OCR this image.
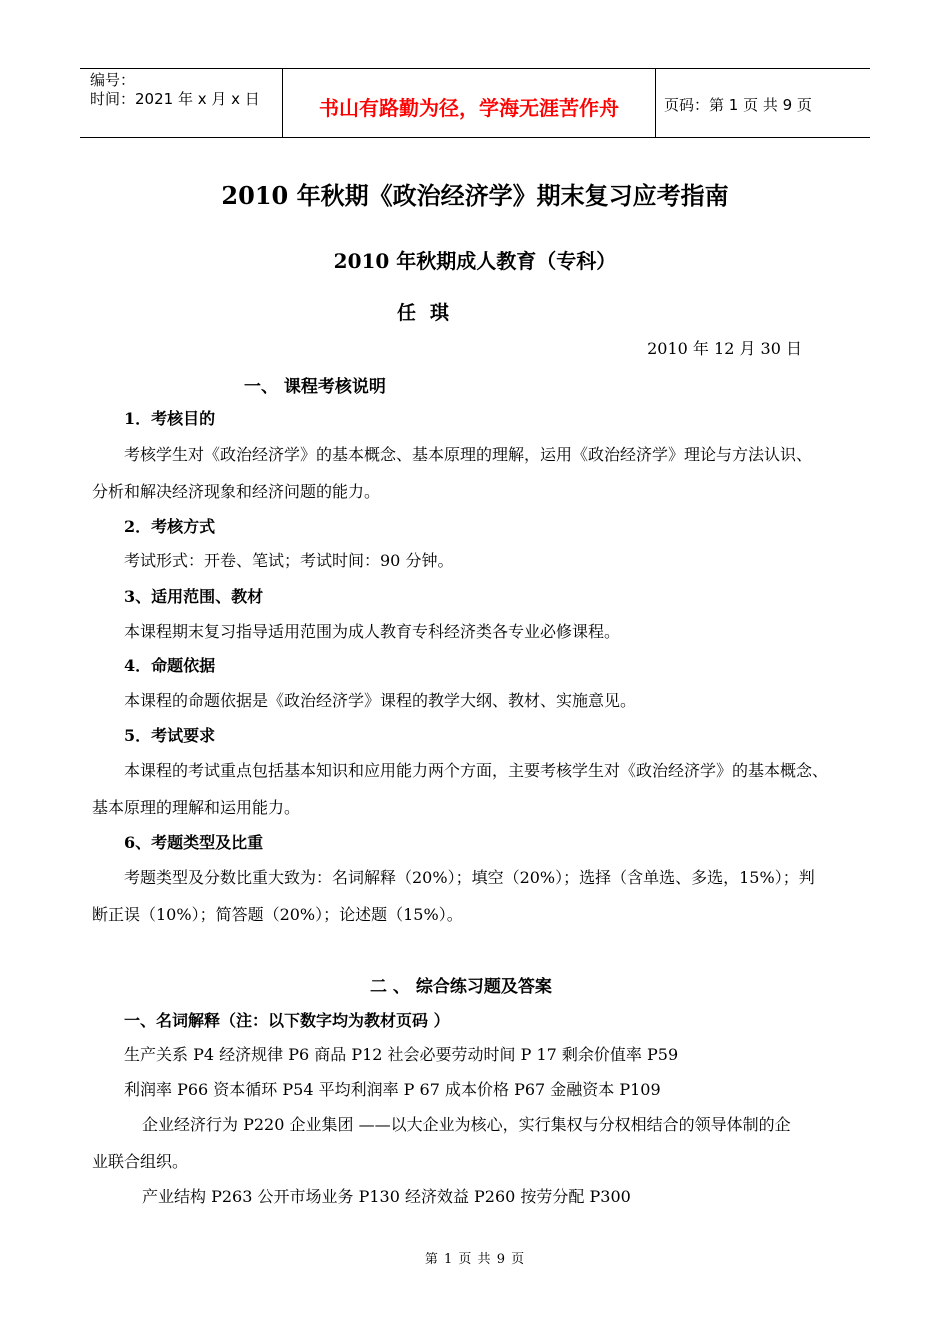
编号：
时间：2021 年 x 月 x 日	书山有路勤为径，学海无涯苦作舟	页码：第 1 页 共 9 页
2010 年秋期《政治经济学》期末复习应考指南
2010 年秋期成人教育（专科）
任琪
2010 年 12 月 30 日
一、 课程考核说明
1．考核目的
考核学生对《政治经济学》的基本概念、基本原理的理解，运用《政治经济学》理论与方法认识、
分析和解决经济现象和经济问题的能力。
2．考核方式
考试形式：开卷、笔试；考试时间：90 分钟。
3、适用范围、教材
本课程期末复习指导适用范围为成人教育专科经济类各专业必修课程。
4．命题依据
本课程的命题依据是《政治经济学》课程的教学大纲、教材、实施意见。
5．考试要求
本课程的考试重点包括基本知识和应用能力两个方面，主要考核学生对《政治经济学》的基本概念、
基本原理的理解和运用能力。
6、考题类型及比重
考题类型及分数比重大致为：名词解释（20%）；填空（20%）；选择（含单选、多选，15%）；判
断正误（10%）；简答题（20%）；论述题（15%）。
二 、 综合练习题及答案
一、名词解释（注：以下数字均为教材页码 ）
生产关系 P4 经济规律 P6 商品 P12 社会必要劳动时间 P 17 剩余价值率 P59
利润率 P66 资本循环 P54 平均利润率 P 67 成本价格 P67 金融资本 P109
企业经济行为 P220 企业集团 ——以大企业为核心，实行集权与分权相结合的领导体制的企
业联合组织。
产业结构 P263 公开市场业务 P130 经济效益 P260 按劳分配 P300
第 1 页 共 9 页
